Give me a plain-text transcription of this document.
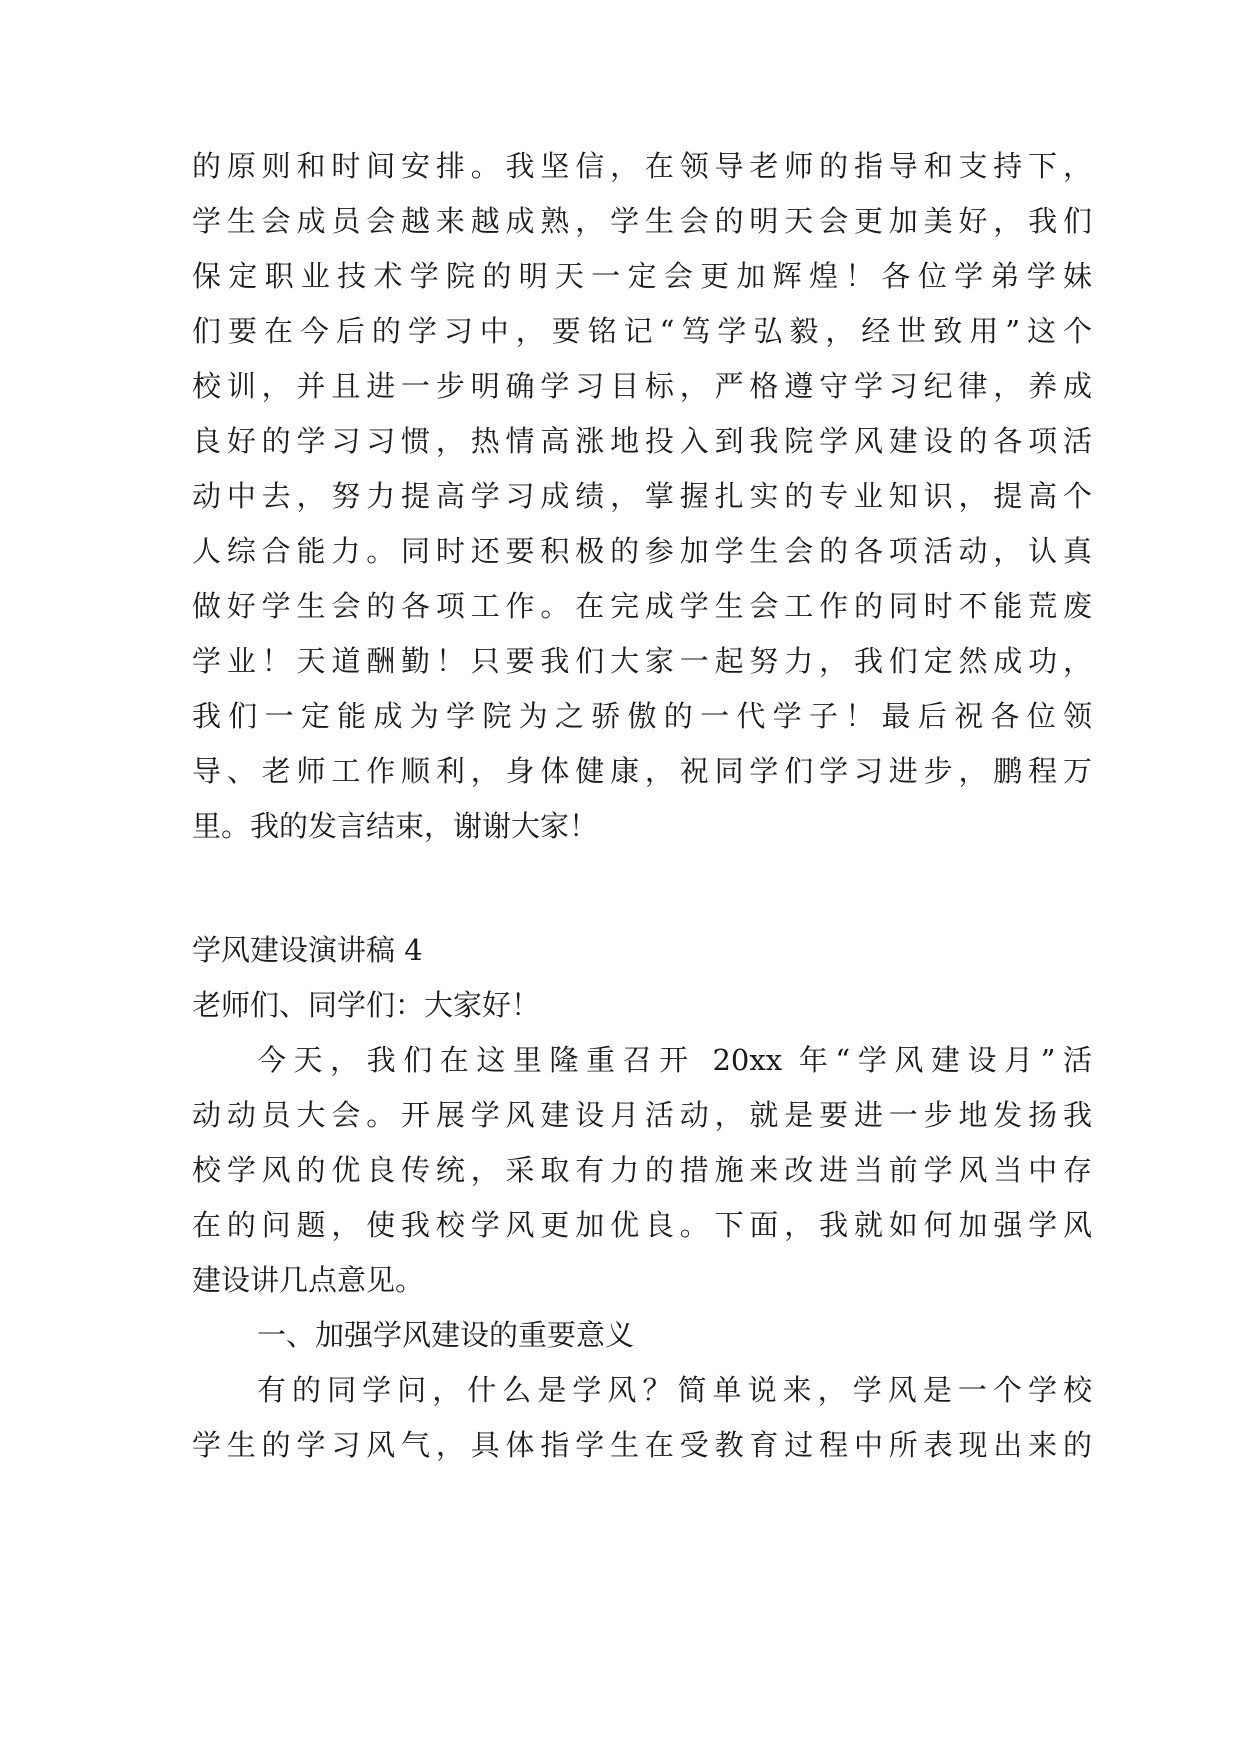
的原则和时间安排。我坚信，在领导老师的指导和支持下，
学生会成员会越来越成熟，学生会的明天会更加美好，我们
保定职业技术学院的明天一定会更加辉煌！各位学弟学妹
们要在今后的学习中，要铭记“笃学弘毅，经世致用”这个
校训，并且进一步明确学习目标，严格遵守学习纪律，养成
良好的学习习惯，热情高涨地投入到我院学风建设的各项活
动中去，努力提高学习成绩，掌握扎实的专业知识，提高个
人综合能力。同时还要积极的参加学生会的各项活动，认真
做好学生会的各项工作。在完成学生会工作的同时不能荒废
学业！天道酬勤！只要我们大家一起努力，我们定然成功，
我们一定能成为学院为之骄傲的一代学子！最后祝各位领
导、老师工作顺利，身体健康，祝同学们学习进步，鹏程万
里。我的发言结束，谢谢大家！
学风建设演讲稿 4
老师们、同学们：大家好！
今天，我们在这里隆重召开 20xx 年“学风建设月”活
动动员大会。开展学风建设月活动，就是要进一步地发扬我
校学风的优良传统，采取有力的措施来改进当前学风当中存
在的问题，使我校学风更加优良。下面，我就如何加强学风
建设讲几点意见。
一、加强学风建设的重要意义
有的同学问，什么是学风？简单说来，学风是一个学校
学生的学习风气，具体指学生在受教育过程中所表现出来的
